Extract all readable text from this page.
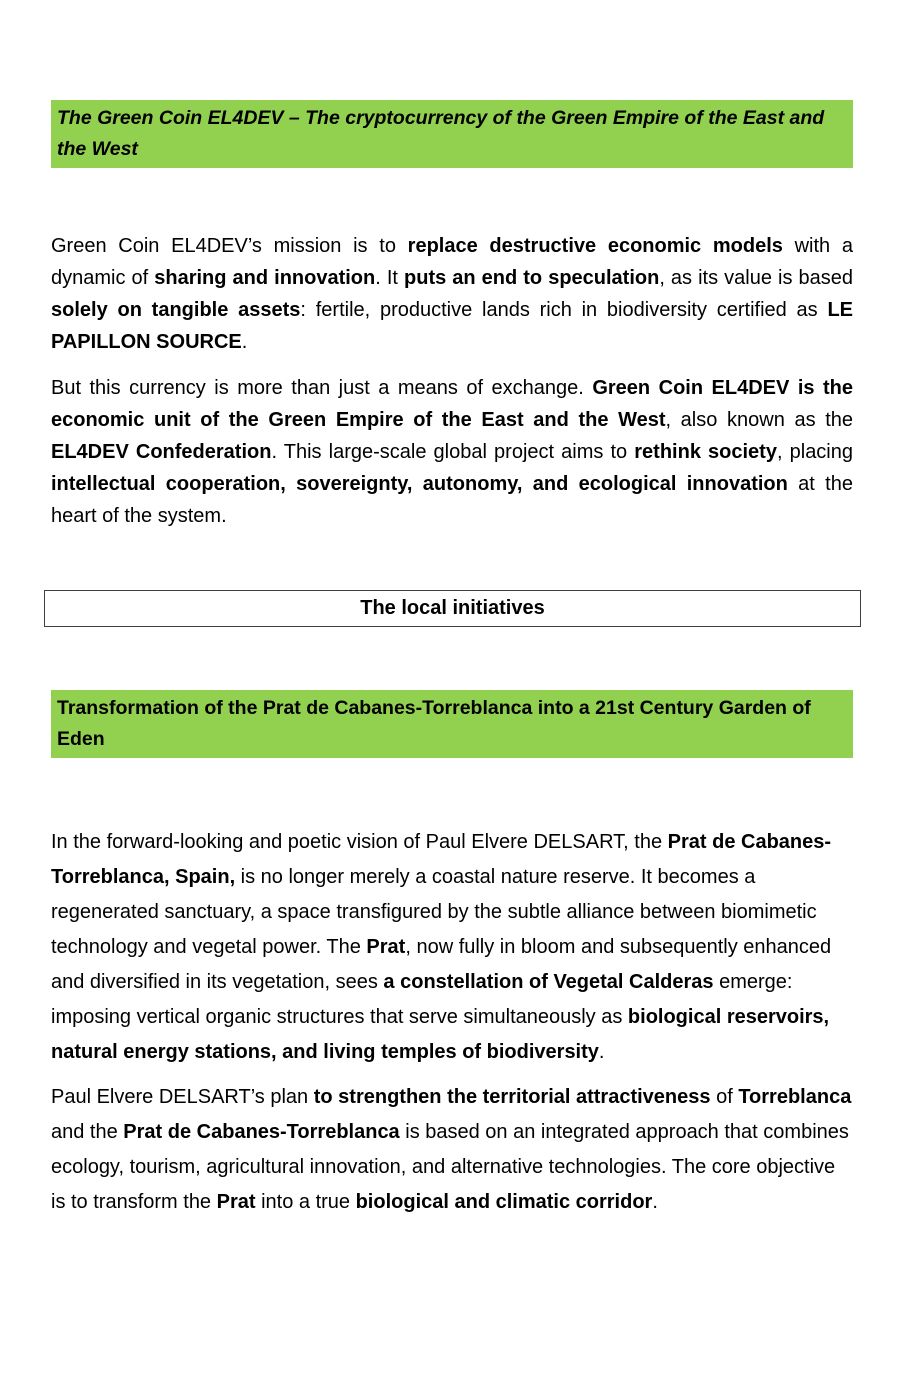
The Green Coin EL4DEV – The cryptocurrency of the Green Empire of the East and the West

Green Coin EL4DEV’s mission is to replace destructive economic models with a dynamic of sharing and innovation. It puts an end to speculation, as its value is based solely on tangible assets: fertile, productive lands rich in biodiversity certified as LE PAPILLON SOURCE.

But this currency is more than just a means of exchange. Green Coin EL4DEV is the economic unit of the Green Empire of the East and the West, also known as the EL4DEV Confederation. This large-scale global project aims to rethink society, placing intellectual cooperation, sovereignty, autonomy, and ecological innovation at the heart of the system.

The local initiatives
Transformation of the Prat de Cabanes-Torreblanca into a 21st Century Garden of Eden

In the forward-looking and poetic vision of Paul Elvere DELSART, the Prat de Cabanes-Torreblanca, Spain, is no longer merely a coastal nature reserve. It becomes a regenerated sanctuary, a space transfigured by the subtle alliance between biomimetic technology and vegetal power. The Prat, now fully in bloom and subsequently enhanced and diversified in its vegetation, sees a constellation of Vegetal Calderas emerge: imposing vertical organic structures that serve simultaneously as biological reservoirs, natural energy stations, and living temples of biodiversity.

Paul Elvere DELSART’s plan to strengthen the territorial attractiveness of Torreblanca and the Prat de Cabanes-Torreblanca is based on an integrated approach that combines ecology, tourism, agricultural innovation, and alternative technologies. The core objective is to transform the Prat into a true biological and climatic corridor.
